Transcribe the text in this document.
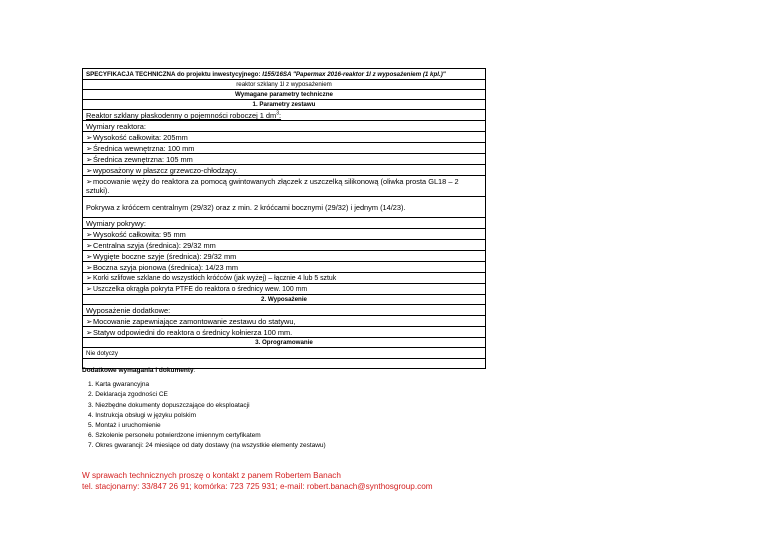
SPECYFIKACJA TECHNICZNA do projektu inwestycyjnego: I155/16SA "Papermax 2016-reaktor 1l z wyposażeniem (1 kpl.)"
reaktor szklany 1l z wyposażeniem
Wymagane parametry techniczne
1. Parametry zestawu
Reaktor szklany płaskodenny o pojemności roboczej 1 $dm^3$:
Wymiary reaktora:
➢Wysokość całkowita: 205mm
➢Średnica wewnętrzna: 100 mm
➢Średnica zewnętrzna: 105 mm
➢wyposażony w płaszcz grzewczo-chłodzący.
➢mocowanie węży do reaktora za pomocą gwintowanych złączek z uszczelką silikonową (oliwka prosta GL18 – 2 sztuki).
Pokrywa z króćcem centralnym (29/32) oraz z min. 2 króćcami bocznymi (29/32) i jednym (14/23).
Wymiary pokrywy:
➢Wysokość całkowita: 95 mm
➢Centralna szyja (średnica): 29/32 mm
➢Wygięte boczne szyje (średnica): 29/32 mm
➢Boczna szyja pionowa (średnica): 14/23 mm
➢Korki szlifowe szklane do wszystkich króćców (jak wyżej) – łącznie 4 lub 5 sztuk
➢Uszczelka okrągła pokryta PTFE do reaktora o średnicy wew. 100 mm
2. Wyposażenie
Wyposażenie dodatkowe:
➢Mocowanie zapewniające zamontowanie zestawu do statywu,
➢Statyw odpowiedni do reaktora o średnicy kołnierza 100 mm.
3. Oprogramowanie
Nie dotyczy

Dodatkowe wymagania i dokumenty:
1. Karta gwarancyjna
2. Deklaracja zgodności CE
3. Niezbędne dokumenty dopuszczające do eksploatacji
4. Instrukcja obsługi w języku polskim
5. Montaż i uruchomienie
6. Szkolenie personelu potwierdzone imiennym certyfikatem
7. Okres gwarancji: 24 miesiące od daty dostawy (na wszystkie elementy zestawu)
W sprawach technicznych proszę o kontakt z panem Robertem Banach
tel. stacjonarny: 33/847 26 91; komórka: 723 725 931; e-mail: robert.banach@synthosgroup.com
